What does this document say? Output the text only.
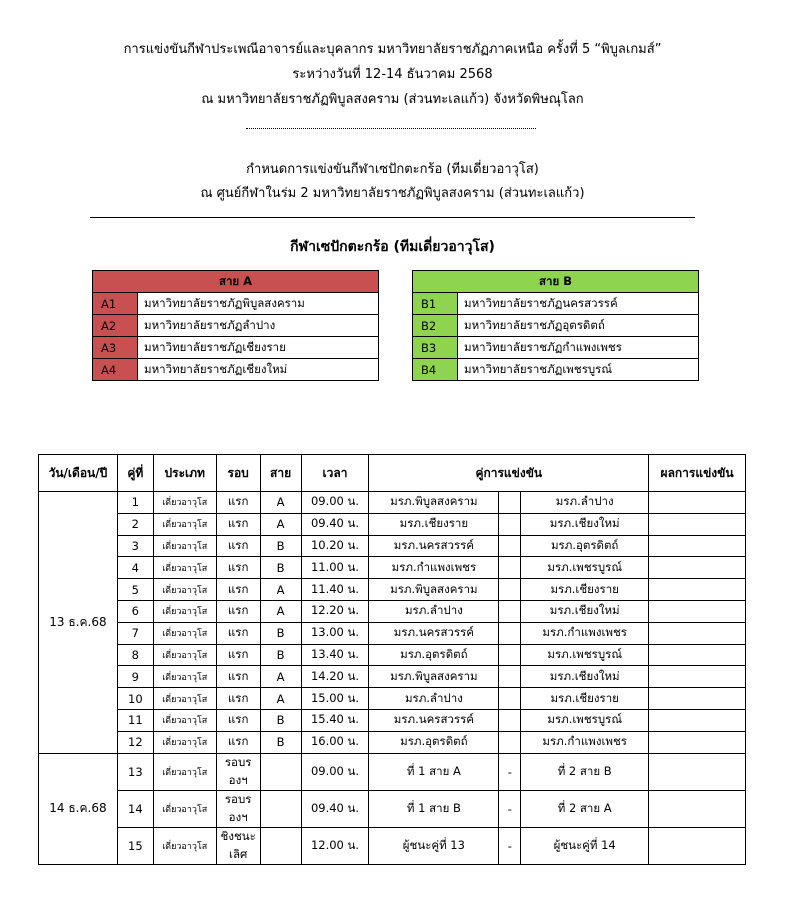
การแข่งขันกีฬาประเพณีอาจารย์และบุคลากร มหาวิทยาลัยราชภัฏภาคเหนือ ครั้งที่ 5 “พิบูลเกมส์”
ระหว่างวันที่ 12-14 ธันวาคม 2568
ณ มหาวิทยาลัยราชภัฏพิบูลสงคราม (ส่วนทะเลแก้ว) จังหวัดพิษณุโลก
กำหนดการแข่งขันกีฬาเซปักตะกร้อ (ทีมเดี่ยวอาวุโส)
ณ ศูนย์กีฬาในร่ม 2 มหาวิทยาลัยราชภัฏพิบูลสงคราม (ส่วนทะเลแก้ว)
กีฬาเซปักตะกร้อ (ทีมเดี่ยวอาวุโส)
สาย A	
A1	มหาวิทยาลัยราชภัฏพิบูลสงคราม
A2	มหาวิทยาลัยราชภัฏลำปาง
A3	มหาวิทยาลัยราชภัฏเชียงราย
A4	มหาวิทยาลัยราชภัฏเชียงใหม่
สาย B	
B1	มหาวิทยาลัยราชภัฏนครสวรรค์
B2	มหาวิทยาลัยราชภัฏอุตรดิตถ์
B3	มหาวิทยาลัยราชภัฏกำแพงเพชร
B4	มหาวิทยาลัยราชภัฏเพชรบูรณ์
วัน/เดือน/ปี	คู่ที่	ประเภท	รอบ	สาย	เวลา	คู่การแข่งขัน			ผลการแข่งขัน
13 ธ.ค.68	1	เดี่ยวอาวุโส	แรก	A	09.00 น.	มรภ.พิบูลสงคราม		มรภ.ลำปาง	
	2	เดี่ยวอาวุโส	แรก	A	09.40 น.	มรภ.เชียงราย		มรภ.เชียงใหม่	
	3	เดี่ยวอาวุโส	แรก	B	10.20 น.	มรภ.นครสวรรค์		มรภ.อุตรดิตถ์	
	4	เดี่ยวอาวุโส	แรก	B	11.00 น.	มรภ.กำแพงเพชร		มรภ.เพชรบูรณ์	
	5	เดี่ยวอาวุโส	แรก	A	11.40 น.	มรภ.พิบูลสงคราม		มรภ.เชียงราย	
	6	เดี่ยวอาวุโส	แรก	A	12.20 น.	มรภ.ลำปาง		มรภ.เชียงใหม่	
	7	เดี่ยวอาวุโส	แรก	B	13.00 น.	มรภ.นครสวรรค์		มรภ.กำแพงเพชร	
	8	เดี่ยวอาวุโส	แรก	B	13.40 น.	มรภ.อุตรดิตถ์		มรภ.เพชรบูรณ์	
	9	เดี่ยวอาวุโส	แรก	A	14.20 น.	มรภ.พิบูลสงคราม		มรภ.เชียงใหม่	
	10	เดี่ยวอาวุโส	แรก	A	15.00 น.	มรภ.ลำปาง		มรภ.เชียงราย	
	11	เดี่ยวอาวุโส	แรก	B	15.40 น.	มรภ.นครสวรรค์		มรภ.เพชรบูรณ์	
	12	เดี่ยวอาวุโส	แรก	B	16.00 น.	มรภ.อุตรดิตถ์		มรภ.กำแพงเพชร	
14 ธ.ค.68	13	เดี่ยวอาวุโส	รอบรองฯ		09.00 น.	ที่ 1 สาย A	-	ที่ 2 สาย B	
	14	เดี่ยวอาวุโส	รอบรองฯ		09.40 น.	ที่ 1 สาย B	-	ที่ 2 สาย A	
	15	เดี่ยวอาวุโส	ชิงชนะเลิศ		12.00 น.	ผู้ชนะคู่ที่ 13	-	ผู้ชนะคู่ที่ 14	
